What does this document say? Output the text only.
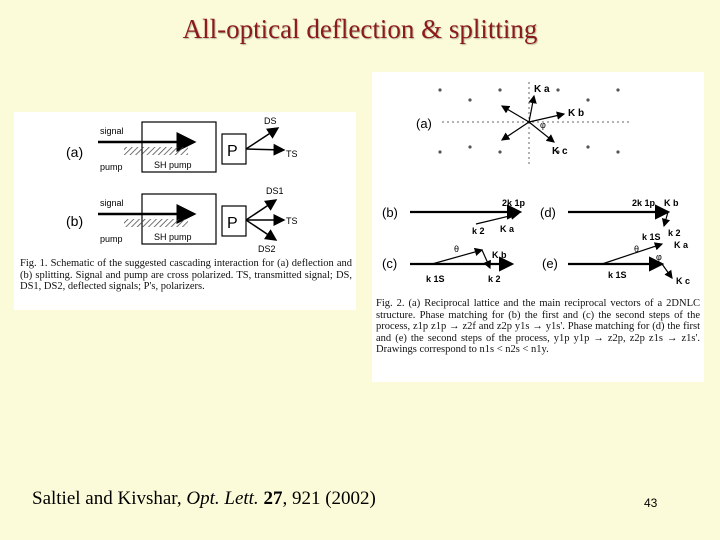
All-optical deflection & splitting
(a)
signal
pump	SH pump
P
DS
TS
(b)
signal
pump	SH pump
P
DS1
TS
DS2
Fig. 1. Schematic of the suggested cascading interaction for (a) deflection and (b) splitting. Signal and pump are cross polarized. TS, transmitted signal; DS, DS1, DS2, deflected signals; P's, polarizers.
(a)
K a
K b
K c
φ
(b)
2k 1p
k 2 K a
(d)
2k 1p K b
k 2
(c)
θ
K b
k 1S	k 2
(e)
k 1S
K a
K c
θ
φ
k 1S
Fig. 2. (a) Reciprocal lattice and the main reciprocal vectors of a 2DNLC structure. Phase matching for (b) the first and (c) the second steps of the process, z1p z1p → z2f and z2p y1s → y1s'. Phase matching for (d) the first and (e) the second steps of the process, y1p y1p → z2p, z2p z1s → z1s'. Drawings correspond to n1s < n2s < n1y.
Saltiel and Kivshar, Opt. Lett. 27, 921 (2002)	43
